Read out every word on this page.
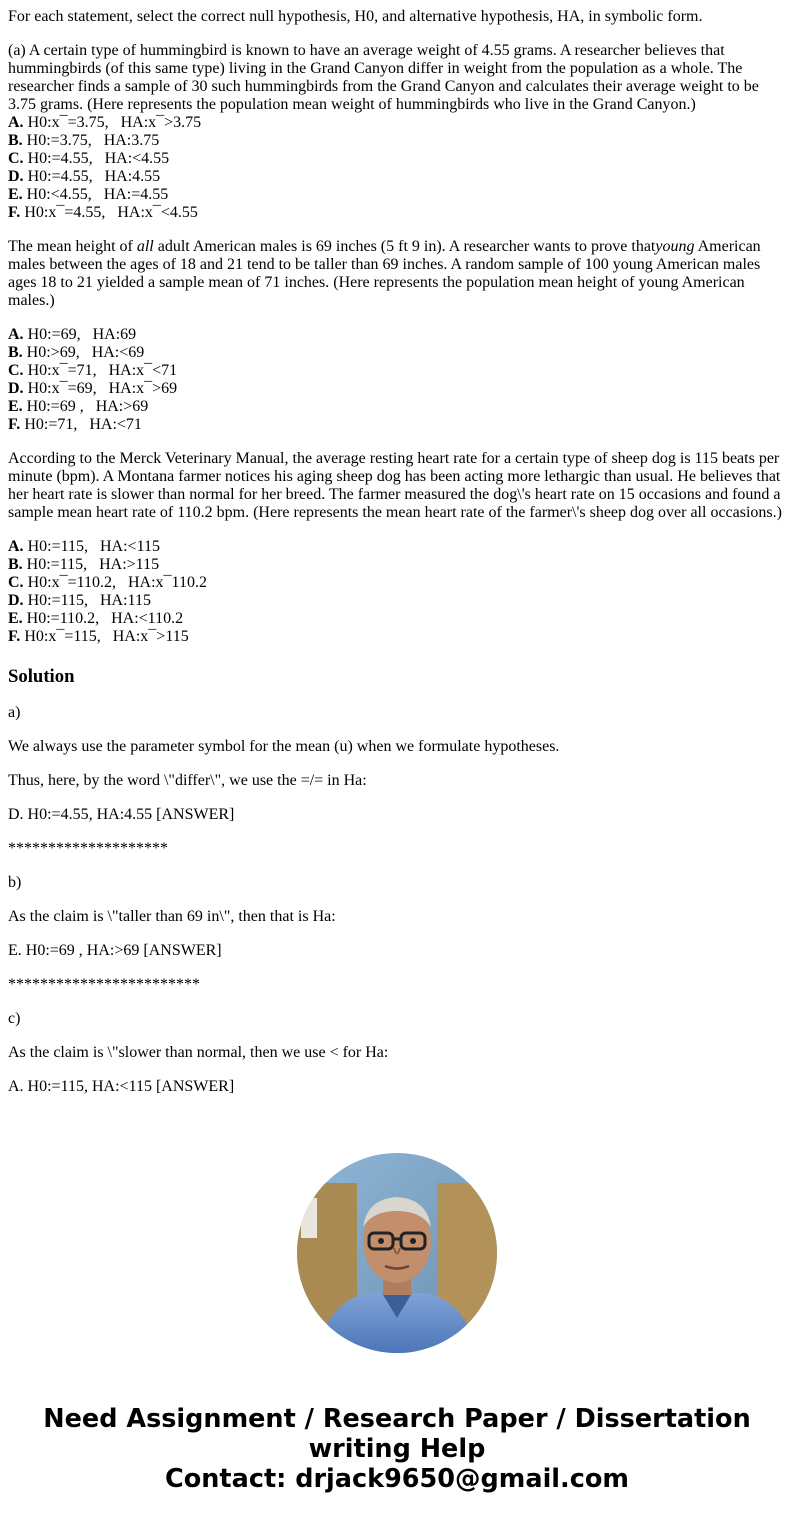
For each statement, select the correct null hypothesis, H0, and alternative hypothesis, HA, in symbolic form.

(a) A certain type of hummingbird is known to have an average weight of 4.55 grams. A researcher believes that hummingbirds (of this same type) living in the Grand Canyon differ in weight from the population as a whole. The researcher finds a sample of 30 such hummingbirds from the Grand Canyon and calculates their average weight to be 3.75 grams. (Here represents the population mean weight of hummingbirds who live in the Grand Canyon.)

A. H0:x¯=3.75,   HA:x¯>3.75
B. H0:=3.75,   HA:3.75
C. H0:=4.55,   HA:<4.55
D. H0:=4.55,   HA:4.55
E. H0:<4.55,   HA:=4.55
F. H0:x¯=4.55,   HA:x¯<4.55

The mean height of all adult American males is 69 inches (5 ft 9 in). A researcher wants to prove thatyoung American males between the ages of 18 and 21 tend to be taller than 69 inches. A random sample of 100 young American males ages 18 to 21 yielded a sample mean of 71 inches. (Here represents the population mean height of young American males.)

A. H0:=69,   HA:69
B. H0:>69,   HA:<69
C. H0:x¯=71,   HA:x¯<71
D. H0:x¯=69,   HA:x¯>69
E. H0:=69 ,   HA:>69
F. H0:=71,   HA:<71

According to the Merck Veterinary Manual, the average resting heart rate for a certain type of sheep dog is 115 beats per minute (bpm). A Montana farmer notices his aging sheep dog has been acting more lethargic than usual. He believes that her heart rate is slower than normal for her breed. The farmer measured the dog\'s heart rate on 15 occasions and found a sample mean heart rate of 110.2 bpm. (Here represents the mean heart rate of the farmer\'s sheep dog over all occasions.)

A. H0:=115,   HA:<115
B. H0:=115,   HA:>115
C. H0:x¯=110.2,   HA:x¯110.2
D. H0:=115,   HA:115
E. H0:=110.2,   HA:<110.2
F. H0:x¯=115,   HA:x¯>115
Solution

a)

We always use the parameter symbol for the mean (u) when we formulate hypotheses.

Thus, here, by the word \"differ\", we use the =/= in Ha:

D. H0:=4.55, HA:4.55 [ANSWER]

********************

b)

As the claim is \"taller than 69 in\", then that is Ha:

E. H0:=69 , HA:>69 [ANSWER]

************************

c)

As the claim is \"slower than normal, then we use < for Ha:

A. H0:=115, HA:<115 [ANSWER]

Need Assignment / Research Paper / Dissertation
writing Help
Contact: drjack9650@gmail.com
